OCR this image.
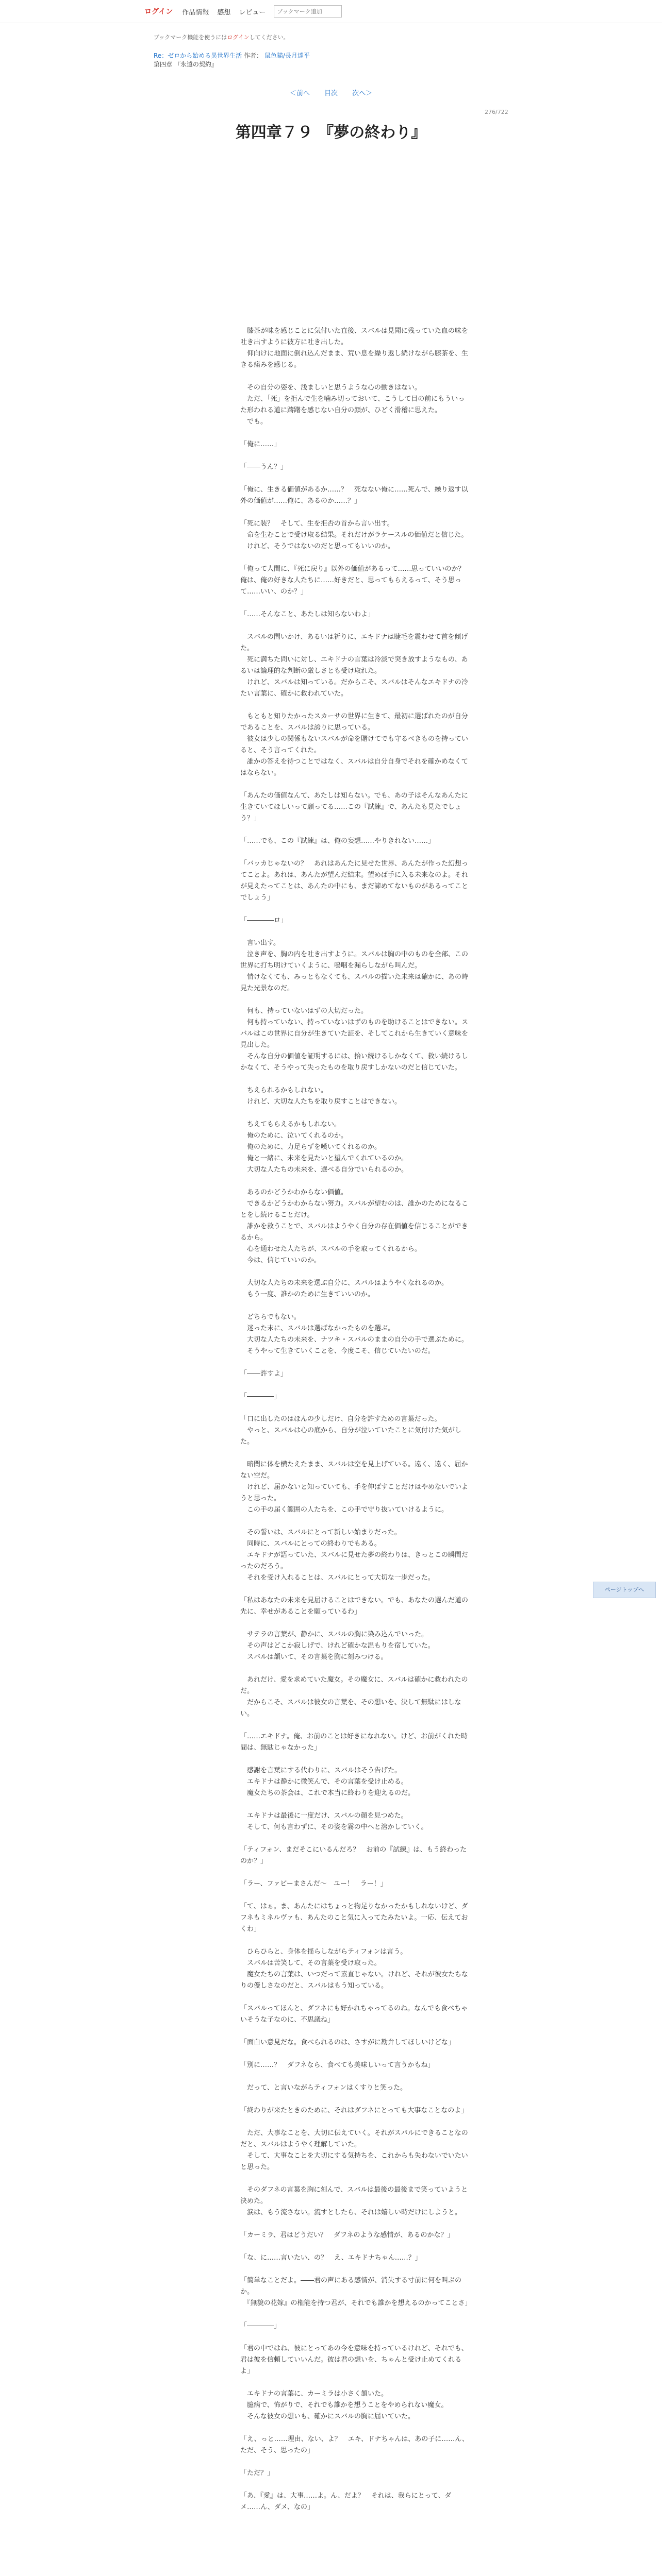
ログイン 作品情報 感想 レビュー
ブックマーク追加
ブックマーク機能を使うにはログインしてください。
Re：ゼロから始める異世界生活 作者： 鼠色猫/長月達平
第四章 『永遠の契約』
＜前へ 目次 次へ＞
276/722
第四章７９ 『夢の終わり』

　膝茶が味を感じことに気付いた直後、スバルは見聞に残っていた血の味を吐き出すように彼方に吐き出した。

　仰向けに地面に倒れ込んだまま、荒い息を繰り返し続けながら膝茶を、生きる痛みを感じる。

　その自分の姿を、浅ましいと思うような心の動きはない。

　ただ、「死」を拒んで生を噛み切っておいて、こうして目の前にもういった形われる道に躊躇を感じない自分の顔が、ひどく滑稽に思えた。

　でも。

「俺に……」

「――うん？」

「俺に、生きる価値があるか……？　死なない俺に……死んで、繰り返す以外の価値が……俺に、あるのか……？」

「死に装？　そして、生を拒否の首から言い出す。

　命を生むことで受け取る結果。それだけがラケースルの価値だと信じた。

　けれど、そうではないのだと思ってもいいのか。

「俺って人間に、『死に戻り』以外の価値があるって……思っていいのか？　俺は、俺の好きな人たちに……好きだと、思ってもらえるって、そう思って……いい、のか？」

「……そんなこと、あたしは知らないわよ」

　スバルの問いかけ、あるいは祈りに、エキドナは睫毛を震わせて首を傾げた。

　死に満ちた問いに対し、エキドナの言葉は冷淡で突き放すようなもの、あるいは論理的な判断の厳しさとも受け取れた。

　けれど、スバルは知っている。だからこそ、スバルはそんなエキドナの冷たい言葉に、確かに救われていた。

　もともと知りたかったスカーサの世界に生きて、最初に選ばれたのが自分であることを、スバルは誇りに思っている。

　彼女は少しの関係もないスバルが命を賭けてでも守るべきものを持っていると、そう言ってくれた。

　誰かの答えを待つことではなく、スバルは自分自身でそれを確かめなくてはならない。

「あんたの価値なんて、あたしは知らない。でも、あの子はそんなあんたに生きていてほしいって願ってる……この『試練』で、あんたも見たでしょう？」

「……でも、この『試練』は、俺の妄想……やりきれない……」

「バッカじゃないの？　あれはあんたに見せた世界、あんたが作った幻想ってことよ。あれは、あんたが望んだ結末。望めば手に入る未来なのよ。それが見えたってことは、あんたの中にも、まだ諦めてないものがあるってことでしょう」

「――――ロ」

　言い出す。

　泣き声を、胸の内を吐き出すように。スバルは胸の中のものを全部、この世界に打ち明けていくように、嗚咽を漏らしながら叫んだ。

　情けなくても、みっともなくても、スバルの描いた未来は確かに、あの時見た光景なのだ。

　何も、持っていないはずの大切だった。

　何も持っていない、持っていないはずのものを助けることはできない。スバルはこの世界に自分が生きていた証を、そしてこれから生きていく意味を見出した。

　そんな自分の価値を証明するには、拾い続けるしかなくて、救い続けるしかなくて、そうやって失ったものを取り戻すしかないのだと信じていた。

　ちえられるかもしれない。

　けれど、大切な人たちを取り戻すことはできない。

　ちえてもらえるかもしれない。

　俺のために、泣いてくれるのか。

　俺のために、力足らずを嘆いてくれるのか。

　俺と一緒に、未来を見たいと望んでくれているのか。

　大切な人たちの未来を、選べる自分でいられるのか。

　あるのかどうかわからない価値。

　できるかどうかわからない努力。スバルが望むのは、誰かのためになることをし続けることだけ。

　誰かを救うことで、スバルはようやく自分の存在価値を信じることができるから。

　心を通わせた人たちが、スバルの手を取ってくれるから。

　今は、信じていいのか。

　大切な人たちの未来を選ぶ自分に、スバルはようやくなれるのか。

　もう一度、誰かのために生きていいのか。

　どちらでもない。

　迷った末に、スバルは選ばなかったものを選ぶ。

　大切な人たちの未来を、ナツキ・スバルのままの自分の手で選ぶために。

　そうやって生きていくことを、今度こそ、信じていたいのだ。

「――許すよ」

「――――」

「口に出したのはほんの少しだけ、自分を許すための言葉だった。

　やっと、スバルは心の底から、自分が泣いていたことに気付けた気がした。

　暗闇に体を横たえたまま、スバルは空を見上げている。遠く、遠く、届かない空だ。

　けれど、届かないと知っていても、手を伸ばすことだけはやめないでいようと思った。

　この手の届く範囲の人たちを、この手で守り抜いていけるように。

　その誓いは、スバルにとって新しい始まりだった。

　同時に、スバルにとっての終わりでもある。

　エキドナが語っていた、スバルに見せた夢の終わりは、きっとこの瞬間だったのだろう。

　それを受け入れることは、スバルにとって大切な一歩だった。

「私はあなたの未来を見届けることはできない。でも、あなたの選んだ道の先に、幸せがあることを願っているわ」

　サテラの言葉が、静かに、スバルの胸に染み込んでいった。

　その声はどこか寂しげで、けれど確かな温もりを宿していた。

　スバルは頷いて、その言葉を胸に刻みつける。

　あれだけ、愛を求めていた魔女。その魔女に、スバルは確かに救われたのだ。

　だからこそ、スバルは彼女の言葉を、その想いを、決して無駄にはしない。

「……エキドナ。俺、お前のことは好きになれない。けど、お前がくれた時間は、無駄じゃなかった」

　感謝を言葉にする代わりに、スバルはそう告げた。

　エキドナは静かに微笑んで、その言葉を受け止める。

　魔女たちの茶会は、これで本当に終わりを迎えるのだ。

　エキドナは最後に一度だけ、スバルの顔を見つめた。

　そして、何も言わずに、その姿を霧の中へと溶かしていく。

「ティフォン、まだそこにいるんだろ？　お前の『試練』は、もう終わったのか？」

「ラー、ファビーまさんだ〜　ユー！　ラー！」

「て、はぁ。ま、あんたにはちょっと物足りなかったかもしれないけど、ダフネもミネルヴァも、あんたのこと気に入ってたみたいよ。一応、伝えておくわ」

　ひらひらと、身体を揺らしながらティフォンは言う。

　スバルは苦笑して、その言葉を受け取った。

　魔女たちの言葉は、いつだって素直じゃない。けれど、それが彼女たちなりの優しさなのだと、スバルはもう知っている。

「スバルってほんと、ダフネにも好かれちゃってるのね。なんでも食べちゃいそうな子なのに、不思議ね」

「面白い意見だな。食べられるのは、さすがに勘弁してほしいけどな」

「別に……？　ダフネなら、食べても美味しいって言うかもね」

　だって、と言いながらティフォンはくすりと笑った。

「終わりが来たときのために、それはダフネにとっても大事なことなのよ」

　ただ、大事なことを、大切に伝えていく。それがスバルにできることなのだと、スバルはようやく理解していた。

　そして、大事なことを大切にする気持ちを、これからも失わないでいたいと思った。

　そのダフネの言葉を胸に刻んで、スバルは最後の最後まで笑っていようと決めた。

　涙は、もう流さない。流すとしたら、それは嬉しい時だけにしようと。

「カーミラ、君はどうだい？　ダフネのような感情が、あるのかな？」

「な、に……言いたい、の？　え、エキドナちゃん……？」

「簡単なことだよ。――君の声にある感情が、消失する寸前に何を叫ぶのか。

　『無貌の花嫁』の権能を持つ君が、それでも誰かを想えるのかってことさ」

「――――」

「君の中ではね、彼にとってあの今を意味を持っているけれど、それでも、君は彼を信頼していいんだ。彼は君の想いを、ちゃんと受け止めてくれるよ」

　エキドナの言葉に、カーミラは小さく頷いた。

　臆病で、怖がりで、それでも誰かを想うことをやめられない魔女。

　そんな彼女の想いも、確かにスバルの胸に届いていた。

「え、っと……理由、ない、よ？　エキ、ドナちゃんは、あの子に……ん、ただ、そう、思ったの」

「ただ？」

「あ、『愛』は、大事……よ。ん、だよ？　それは、我らにとって、ダメ……ん、ダメ、なの」

ページトップへ
